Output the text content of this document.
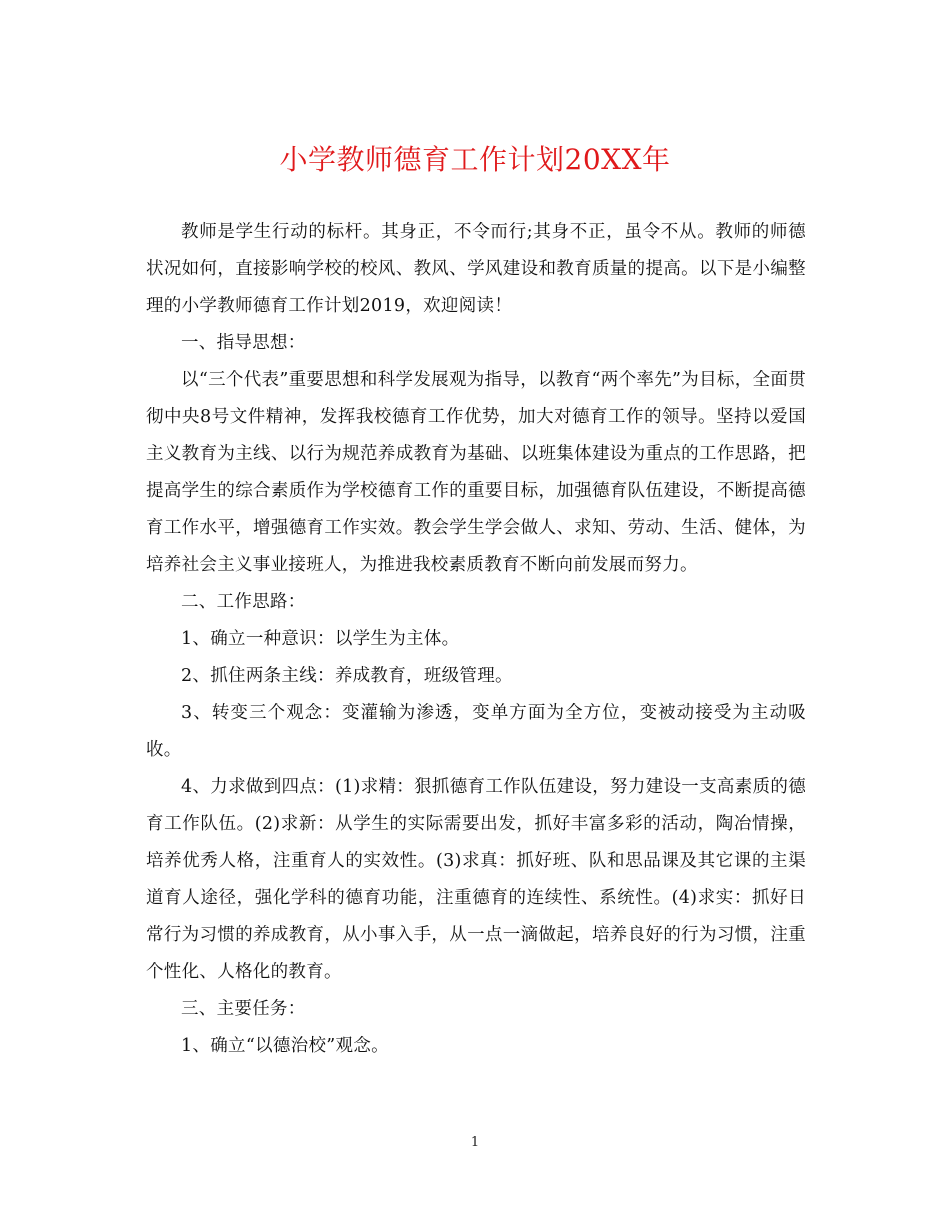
小学教师德育工作计划20XX年

教师是学生行动的标杆。其身正，不令而行;其身不正，虽令不从。教师的师德状况如何，直接影响学校的校风、教风、学风建设和教育质量的提高。以下是小编整理的小学教师德育工作计划2019，欢迎阅读！

一、指导思想：

以“三个代表”重要思想和科学发展观为指导，以教育“两个率先”为目标，全面贯彻中央8号文件精神，发挥我校德育工作优势，加大对德育工作的领导。坚持以爱国主义教育为主线、以行为规范养成教育为基础、以班集体建设为重点的工作思路，把提高学生的综合素质作为学校德育工作的重要目标，加强德育队伍建设，不断提高德育工作水平，增强德育工作实效。教会学生学会做人、求知、劳动、生活、健体，为培养社会主义事业接班人，为推进我校素质教育不断向前发展而努力。

二、工作思路：

1、确立一种意识：以学生为主体。

2、抓住两条主线：养成教育，班级管理。

3、转变三个观念：变灌输为渗透，变单方面为全方位，变被动接受为主动吸收。

4、力求做到四点：(1)求精：狠抓德育工作队伍建设，努力建设一支高素质的德育工作队伍。(2)求新：从学生的实际需要出发，抓好丰富多彩的活动，陶冶情操，培养优秀人格，注重育人的实效性。(3)求真：抓好班、队和思品课及其它课的主渠道育人途径，强化学科的德育功能，注重德育的连续性、系统性。(4)求实：抓好日常行为习惯的养成教育，从小事入手，从一点一滴做起，培养良好的行为习惯，注重个性化、人格化的教育。

三、主要任务：

1、确立“以德治校”观念。

1
